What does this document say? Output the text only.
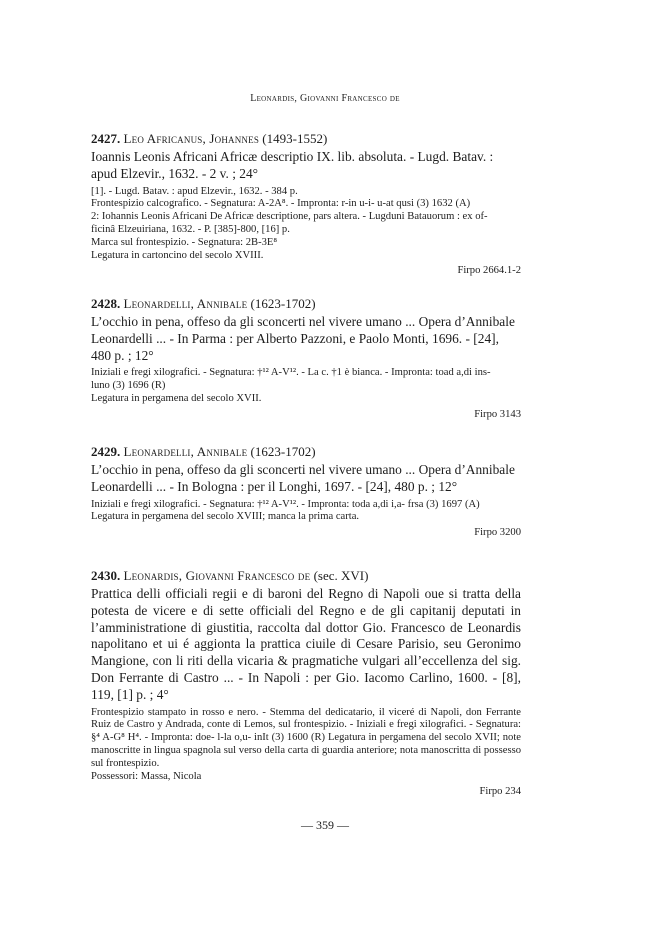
Leonardis, Giovanni Francesco de
2427. Leo Africanus, Johannes (1493-1552)
Ioannis Leonis Africani Africæ descriptio IX. lib. absoluta. - Lugd. Batav. :
apud Elzevir., 1632. - 2 v. ; 24°
[1]. - Lugd. Batav. : apud Elzevir., 1632. - 384 p.
Frontespizio calcografico. - Segnatura: A-2A⁸. - Impronta: r-in u-i- u-at qusi (3) 1632 (A)
2: Iohannis Leonis Africani De Africæ descriptione, pars altera. - Lugduni Batauorum : ex of-
ficinâ Elzeuiriana, 1632. - P. [385]-800, [16] p.
Marca sul frontespizio. - Segnatura: 2B-3E⁸
Legatura in cartoncino del secolo XVIII.
Firpo 2664.1-2
2428. Leonardelli, Annibale (1623-1702)
L’occhio in pena, offeso da gli sconcerti nel vivere umano ... Opera d’Annibale
Leonardelli ... - In Parma : per Alberto Pazzoni, e Paolo Monti, 1696. - [24],
480 p. ; 12°
Iniziali e fregi xilografici. - Segnatura: †¹² A-V¹². - La c. †1 è bianca. - Impronta: toad a,di ins-
luno (3) 1696 (R)
Legatura in pergamena del secolo XVII.
Firpo 3143
2429. Leonardelli, Annibale (1623-1702)
L’occhio in pena, offeso da gli sconcerti nel vivere umano ... Opera d’Annibale
Leonardelli ... - In Bologna : per il Longhi, 1697. - [24], 480 p. ; 12°
Iniziali e fregi xilografici. - Segnatura: †¹² A-V¹². - Impronta: toda a,di i,a- frsa (3) 1697 (A)
Legatura in pergamena del secolo XVIII; manca la prima carta.
Firpo 3200
2430. Leonardis, Giovanni Francesco de (sec. XVI)
Prattica delli officiali regii e di baroni del Regno di Napoli oue si tratta della potesta de vicere e di sette officiali del Regno e de gli capitanij deputati in l’amministratione di giustitia, raccolta dal dottor Gio. Francesco de Leonardis napolitano et ui é aggionta la prattica ciuile di Cesare Parisio, seu Geronimo Mangione, con li riti della vicaria & pragmatiche vulgari all’eccellenza del sig. Don Ferrante di Castro ... - In Napoli : per Gio. Iacomo Carlino, 1600. - [8], 119, [1] p. ; 4°
Frontespizio stampato in rosso e nero. - Stemma del dedicatario, il viceré di Napoli, don Ferrante Ruiz de Castro y Andrada, conte di Lemos, sul frontespizio. - Iniziali e fregi xilografici. - Segnatura: §⁴ A-G⁸ H⁴. - Impronta: doe- l-la o,u- inIt (3) 1600 (R) Legatura in pergamena del secolo XVII; note manoscritte in lingua spagnola sul verso della carta di guardia anteriore; nota manoscritta di possesso sul frontespizio.
Possessori: Massa, Nicola
Firpo 234
— 359 —
